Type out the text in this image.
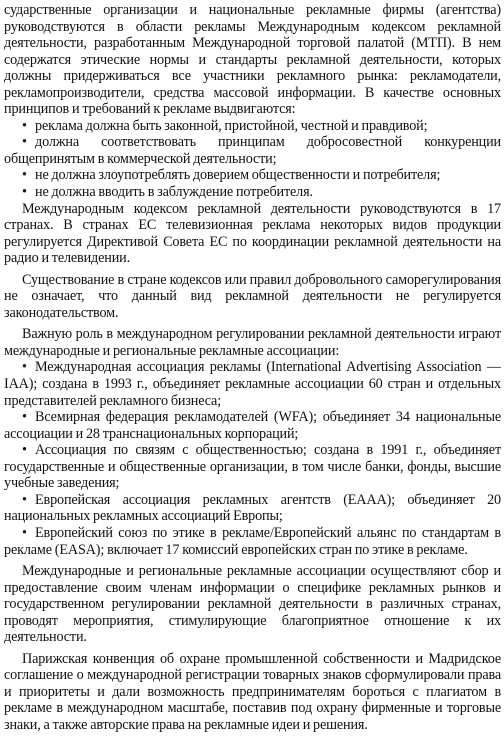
сударственные организации и национальные рекламные фирмы (агентства) руководствуются в области рекламы Международным кодексом рекламной деятельности, разработанным Международной торговой палатой (МТП). В нем содержатся этические нормы и стандарты рекламной деятельности, которых должны придерживаться все участники рекламного рынка: рекламодатели, рекламопроизводители, средства массовой информации. В качестве основных принципов и требований к рекламе выдвигаются:

• реклама должна быть законной, пристойной, честной и правдивой;
• должна соответствовать принципам добросовестной конкуренции общепринятым в коммерческой деятельности;
• не должна злоупотреблять доверием общественности и потребителя;
• не должна вводить в заблуждение потребителя.

Международным кодексом рекламной деятельности руководствуются в 17 странах. В странах ЕС телевизионная реклама некоторых видов продукции регулируется Директивой Совета ЕС по координации рекламной деятельности на радио и телевидении.

Существование в стране кодексов или правил добровольного саморегулирования не означает, что данный вид рекламной деятельности не регулируется законодательством.

Важную роль в международном регулировании рекламной деятельности играют международные и региональные рекламные ассоциации:

• Международная ассоциация рекламы (International Advertising Association — IAA); создана в 1993 г., объединяет рекламные ассоциации 60 стран и отдельных представителей рекламного бизнеса;
• Всемирная федерация рекламодателей (WFA); объединяет 34 национальные ассоциации и 28 транснациональных корпораций;
• Ассоциация по связям с общественностью; создана в 1991 г., объединяет государственные и общественные организации, в том числе банки, фонды, высшие учебные заведения;
• Европейская ассоциация рекламных агентств (EAAA); объединяет 20 национальных рекламных ассоциаций Европы;
• Европейский союз по этике в рекламе/Европейский альянс по стандартам в рекламе (EASA); включает 17 комиссий европейских стран по этике в рекламе.

Международные и региональные рекламные ассоциации осуществляют сбор и предоставление своим членам информации о специфике рекламных рынков и государственном регулировании рекламной деятельности в различных странах, проводят мероприятия, стимулирующие благоприятное отношение к их деятельности.

Парижская конвенция об охране промышленной собственности и Мадридское соглашение о международной регистрации товарных знаков сформулировали права и приоритеты и дали возможность предпринимателям бороться с плагиатом в рекламе в международном масштабе, поставив под охрану фирменные и торговые знаки, а также авторские права на рекламные идеи и решения.
